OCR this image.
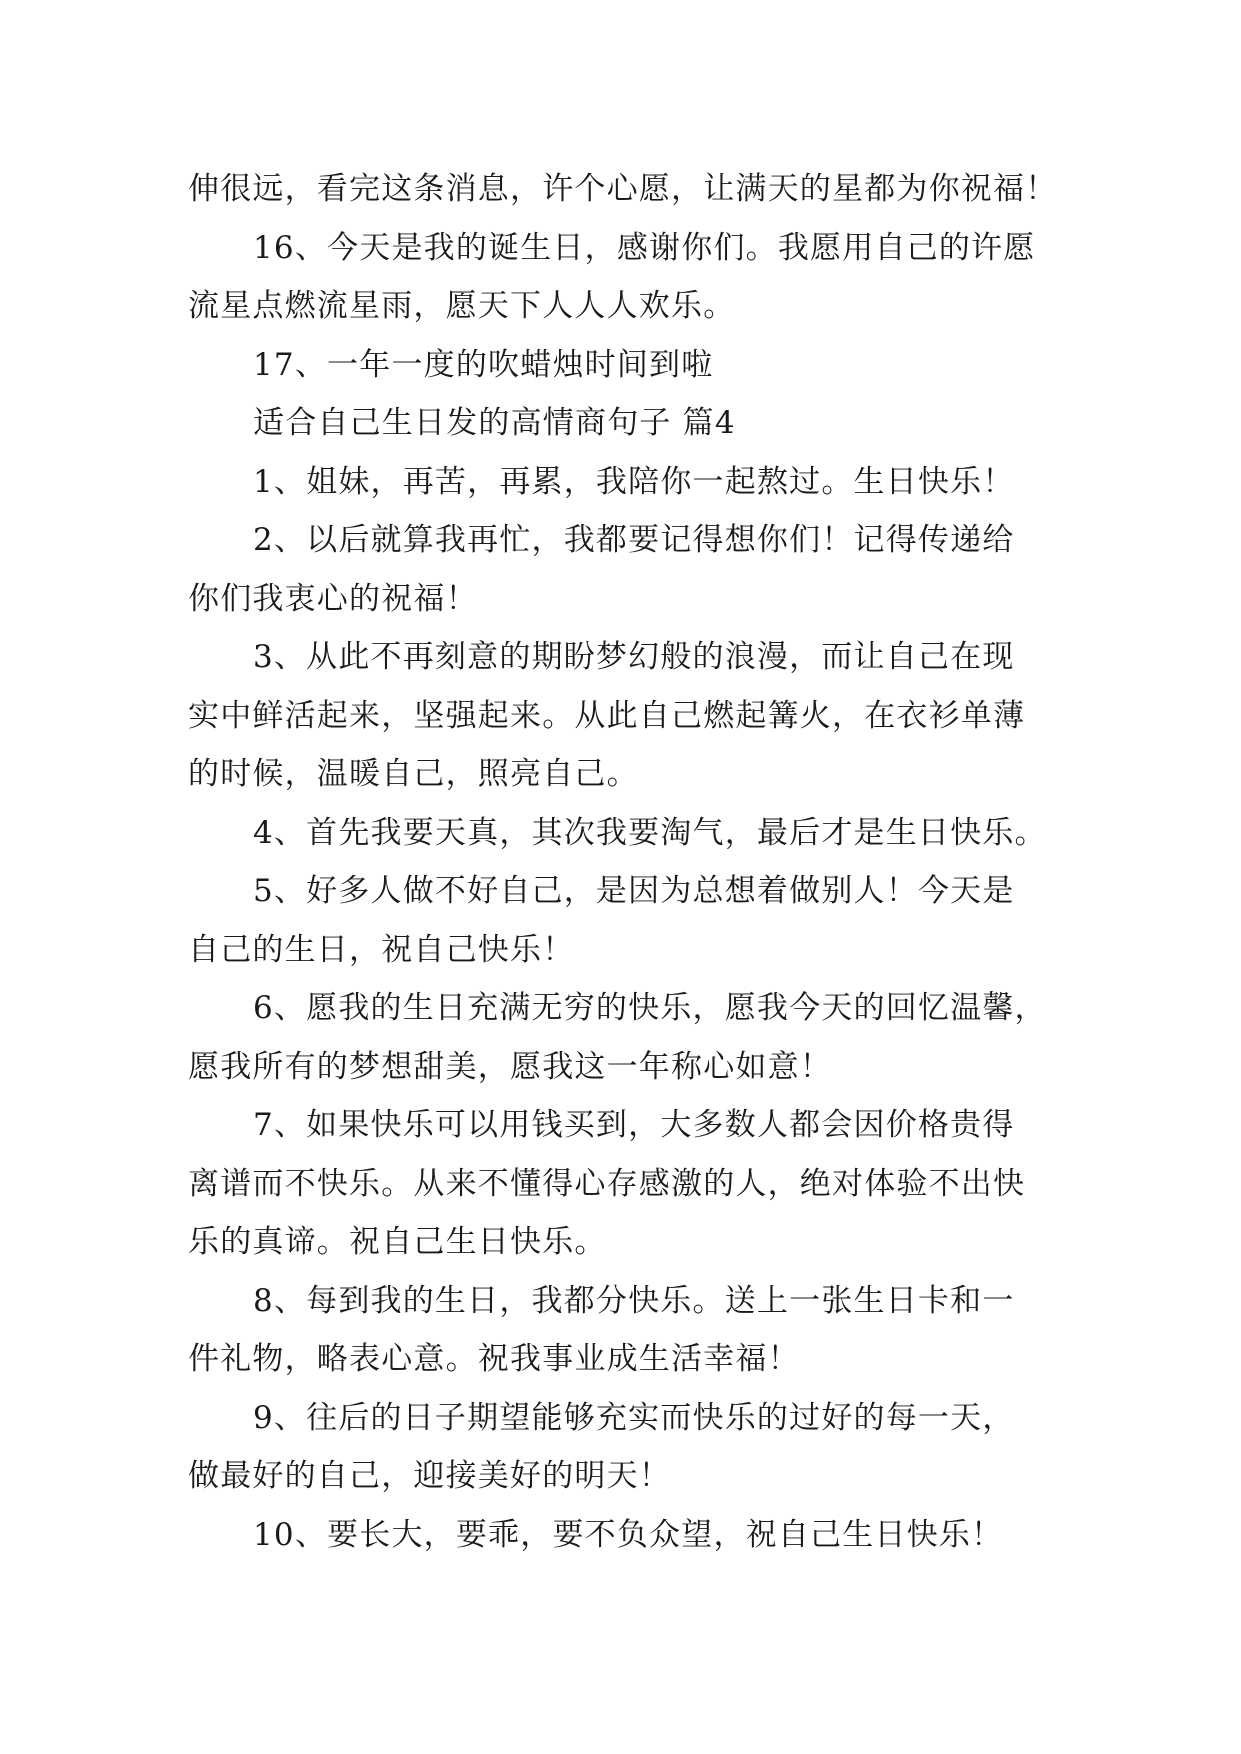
伸很远，看完这条消息，许个心愿，让满天的星都为你祝福！

16、今天是我的诞生日，感谢你们。我愿用自己的许愿
流星点燃流星雨，愿天下人人人欢乐。

17、一年一度的吹蜡烛时间到啦

适合自己生日发的高情商句子 篇4

1、姐妹，再苦，再累，我陪你一起熬过。生日快乐！

2、以后就算我再忙，我都要记得想你们！记得传递给
你们我衷心的祝福！

3、从此不再刻意的期盼梦幻般的浪漫，而让自己在现
实中鲜活起来，坚强起来。从此自己燃起篝火，在衣衫单薄
的时候，温暖自己，照亮自己。

4、首先我要天真，其次我要淘气，最后才是生日快乐。

5、好多人做不好自己，是因为总想着做别人！今天是
自己的生日，祝自己快乐！

6、愿我的生日充满无穷的快乐，愿我今天的回忆温馨，
愿我所有的梦想甜美，愿我这一年称心如意！

7、如果快乐可以用钱买到，大多数人都会因价格贵得
离谱而不快乐。从来不懂得心存感激的人，绝对体验不出快
乐的真谛。祝自己生日快乐。

8、每到我的生日，我都分快乐。送上一张生日卡和一
件礼物，略表心意。祝我事业成生活幸福！

9、往后的日子期望能够充实而快乐的过好的每一天，
做最好的自己，迎接美好的明天！

10、要长大，要乖，要不负众望，祝自己生日快乐！
